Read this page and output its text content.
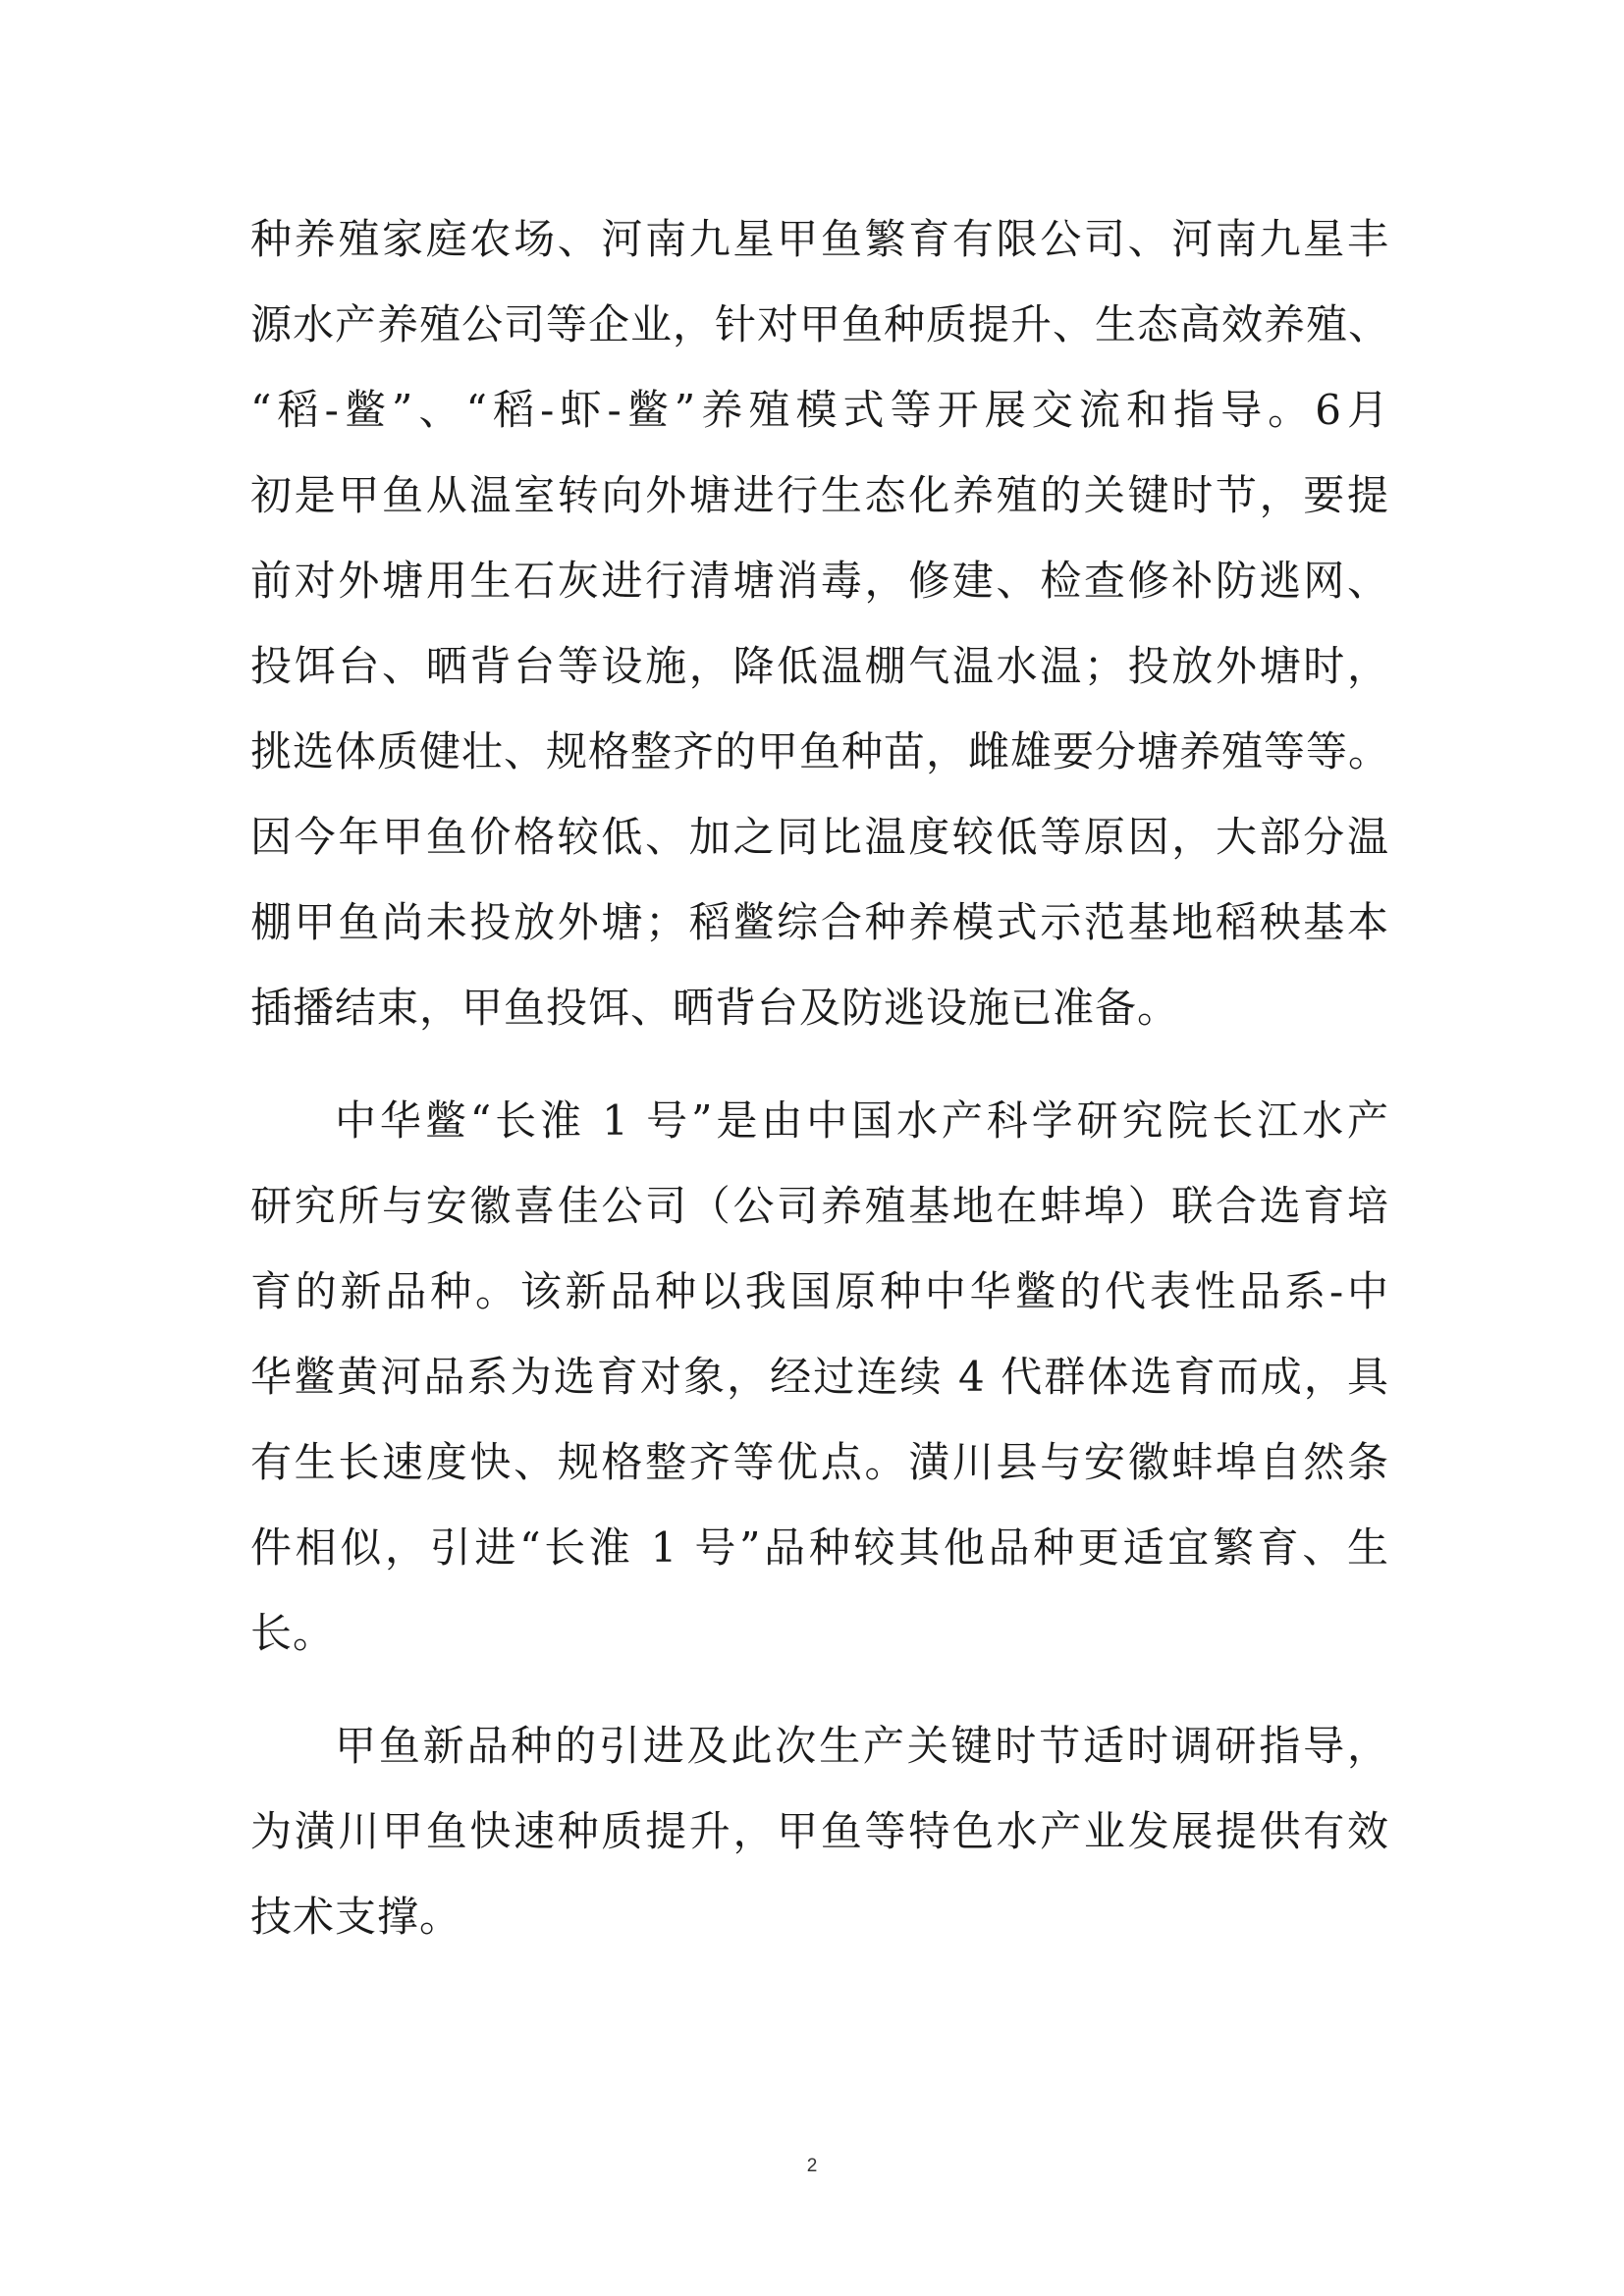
种养殖家庭农场、河南九星甲鱼繁育有限公司、河南九星丰
源水产养殖公司等企业，针对甲鱼种质提升、生态高效养殖、
“稻-鳖”、“稻-虾-鳖”养殖模式等开展交流和指导。6月
初是甲鱼从温室转向外塘进行生态化养殖的关键时节，要提
前对外塘用生石灰进行清塘消毒，修建、检查修补防逃网、
投饵台、晒背台等设施，降低温棚气温水温；投放外塘时，
挑选体质健壮、规格整齐的甲鱼种苗，雌雄要分塘养殖等等。
因今年甲鱼价格较低、加之同比温度较低等原因，大部分温
棚甲鱼尚未投放外塘；稻鳖综合种养模式示范基地稻秧基本
插播结束，甲鱼投饵、晒背台及防逃设施已准备。
中华鳖“长淮 1 号”是由中国水产科学研究院长江水产
研究所与安徽喜佳公司（公司养殖基地在蚌埠）联合选育培
育的新品种。该新品种以我国原种中华鳖的代表性品系-中
华鳖黄河品系为选育对象，经过连续 4 代群体选育而成，具
有生长速度快、规格整齐等优点。潢川县与安徽蚌埠自然条
件相似，引进“长淮 1 号”品种较其他品种更适宜繁育、生
长。
甲鱼新品种的引进及此次生产关键时节适时调研指导，
为潢川甲鱼快速种质提升，甲鱼等特色水产业发展提供有效
技术支撑。
2
